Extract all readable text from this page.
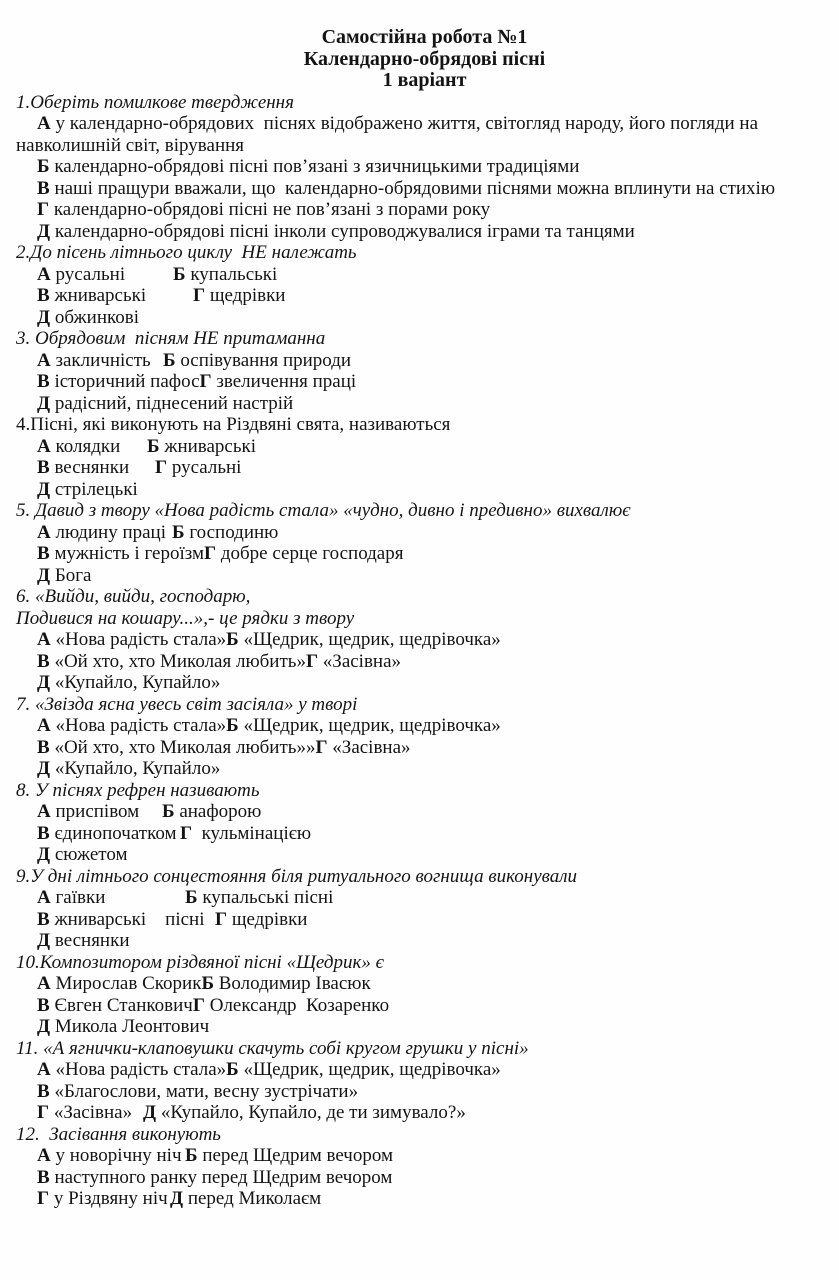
Самостійна робота №1
Календарно-обрядові пісні
1 варіант
1.Оберіть помилкове твердження
А у календарно-обрядових  піснях відображено життя, світогляд народу, його погляди на навколишній світ, вірування
Б календарно-обрядові пісні пов’язані з язичницькими традиціями
В наші пращури вважали, що  календарно-обрядовими піснями можна вплинути на стихію
Г календарно-обрядові пісні не пов’язані з порами року
Д календарно-обрядові пісні інколи супроводжувалися іграми та танцями
2.До пісень літнього циклу  НЕ належать
А русальні	Б купальські
В жниварські Г щедрівки
Д обжинкові
3. Обрядовим  пісням НЕ притаманна
А закличність Б оспівування природи
В історичний пафосГ звеличення праці
Д радісний, піднесений настрій
4.Пісні, які виконують на Різдвяні свята, називаються
А колядки Б жниварські
В веснянки Г русальні
Д стрілецькі
5. Давид з твору «Нова радість стала» «чудно, дивно і предивно» вихвалює
А людину праці Б господиню
В мужність і героїзмГ добре серце господаря
Д Бога
6. «Вийди, вийди, господарю,
Подивися на кошару...»,- це рядки з твору
А «Нова радість стала»Б «Щедрик, щедрик, щедрівочка»
В «Ой хто, хто Миколая любить»Г «Засівна»
Д «Купайло, Купайло»
7. «Звізда ясна увесь світ засіяла» у творі
А «Нова радість стала»Б «Щедрик, щедрик, щедрівочка»
В «Ой хто, хто Миколая любить»»Г «Засівна»
Д «Купайло, Купайло»
8. У піснях рефрен називають
А приспівом Б анафорою
В єдинопочатком Г  кульмінацією
Д сюжетом
9.У дні літнього сонцестояння біля ритуального вогнища виконували
А гаївки	Б купальські пісні
В жниварські    пісні Г щедрівки
Д веснянки
10.Композитором різдвяної пісні «Щедрик» є
А Мирослав СкорикБ Володимир Івасюк
В Євген СтанковичГ Олександр  Козаренко
Д Микола Леонтович
11. «А ягнички-клаповушки скачуть собі кругом грушки у пісні»
А «Нова радість стала»Б «Щедрик, щедрик, щедрівочка»
В «Благослови, мати, весну зустрічати»
Г «Засівна» Д «Купайло, Купайло, де ти зимувало?»
12.  Засівання виконують
А у новорічну ніч Б перед Щедрим вечором
В наступного ранку перед Щедрим вечором
Г у Різдвяну ніч Д перед Миколаєм
